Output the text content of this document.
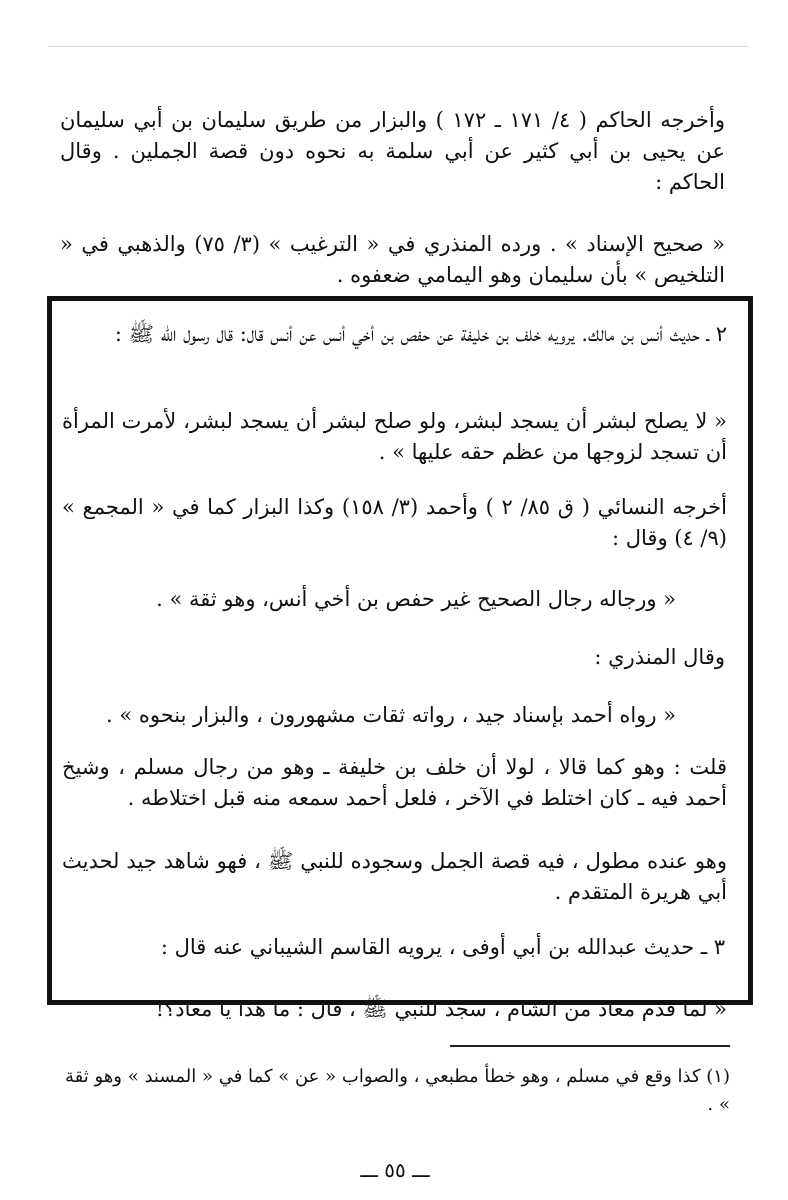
وأخرجه الحاكم ( ٤/ ١٧١ ـ ١٧٢ ) والبزار من طريق سليمان بن أبي سليمان عن يحيى بن أبي كثير عن أبي سلمة به نحوه دون قصة الجملين . وقال الحاكم :

« صحيح الإسناد » . ورده المنذري في « الترغيب » (٣/ ٧٥) والذهبي في « التلخيص » بأن سليمان وهو اليمامي ضعفوه .

٢ ـ حديث أنس بن مالك. يرويه خلف بن خليفة عن حفص بن أخي أنس عن أنس قال: قال رسول الله ﷺ :

« لا يصلح لبشر أن يسجد لبشر، ولو صلح لبشر أن يسجد لبشر، لأمرت المرأة أن تسجد لزوجها من عظم حقه عليها » .

أخرجه النسائي ( ق ٨٥/ ٢ ) وأحمد (٣/ ١٥٨) وكذا البزار كما في « المجمع » (٩/ ٤) وقال :

« ورجاله رجال الصحيح غير حفص بن أخي أنس، وهو ثقة » .

وقال المنذري :

« رواه أحمد بإسناد جيد ، رواته ثقات مشهورون ، والبزار بنحوه » .

قلت : وهو كما قالا ، لولا أن خلف بن خليفة ـ وهو من رجال مسلم ، وشيخ أحمد فيه ـ كان اختلط في الآخر ، فلعل أحمد سمعه منه قبل اختلاطه .

وهو عنده مطول ، فيه قصة الجمل وسجوده للنبي ﷺ ، فهو شاهد جيد لحديث أبي هريرة المتقدم .

٣ ـ حديث عبدالله بن أبي أوفى ، يرويه القاسم الشيباني عنه قال :

« لما قدم معاذ من الشام ، سجد للنبي ﷺ ، قال : ما هذا يا معاذ؟!

(١) كذا وقع في مسلم ، وهو خطأ مطبعي ، والصواب « عن » كما في « المسند » وهو ثقة » .

ـــ ٥٥ ـــ
